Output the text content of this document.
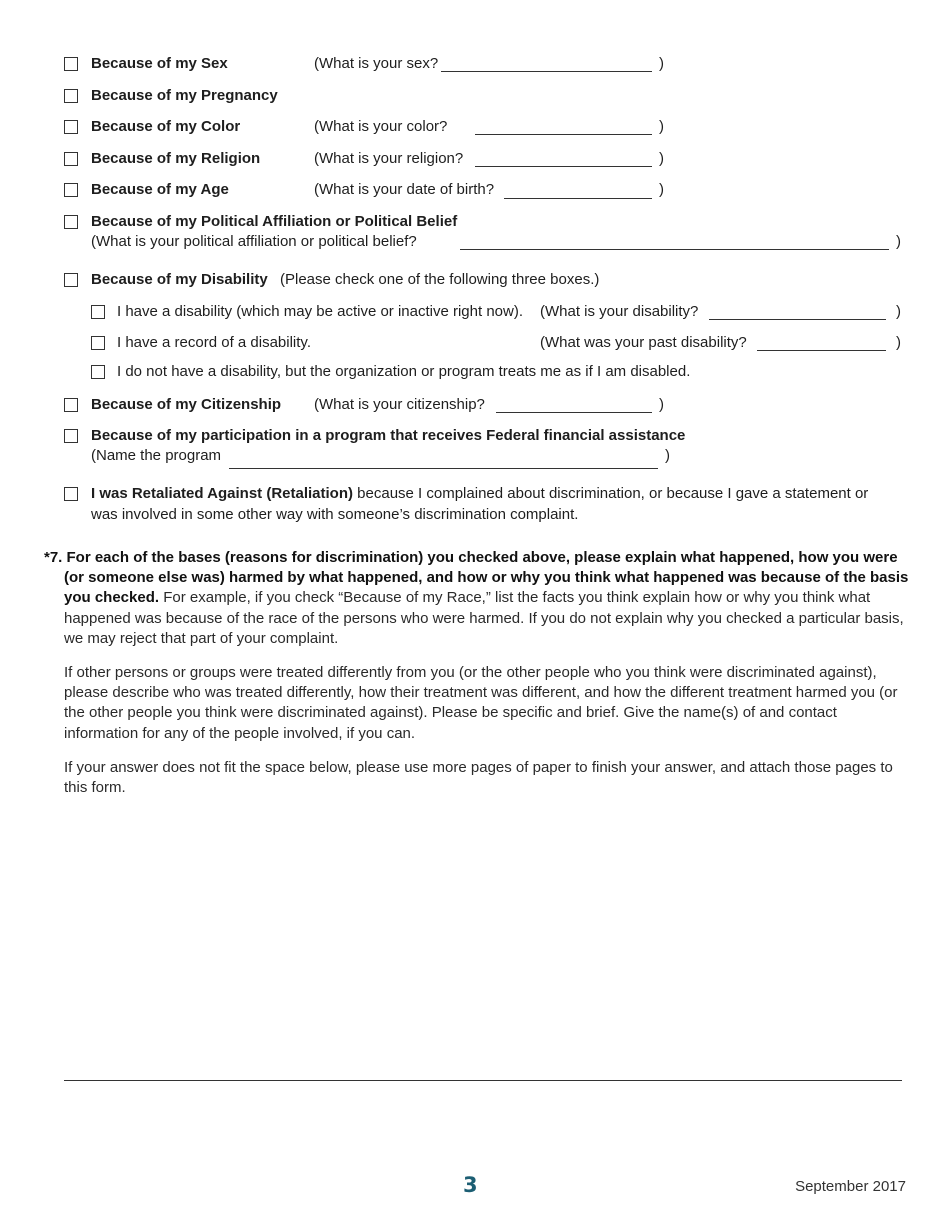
Because of my Sex	(What is your sex?	)
Because of my Pregnancy
Because of my Color	(What is your color?	)
Because of my Religion	(What is your religion?	)
Because of my Age	(What is your date of birth?	)
Because of my Political Affiliation or Political Belief
(What is your political affiliation or political belief?	)
Because of my Disability (Please check one of the following three boxes.)
I have a disability (which may be active or inactive right now). (What is your disability?	)
I have a record of a disability.	(What was your past disability?	)
I do not have a disability, but the organization or program treats me as if I am disabled.
Because of my Citizenship (What is your citizenship?	)
Because of my participation in a program that receives Federal financial assistance
(Name the program	)
I was Retaliated Against (Retaliation) because I complained about discrimination, or because I gave a statement or
was involved in some other way with someone’s discrimination complaint.
*7. For each of the bases (reasons for discrimination) you checked above, please explain what happened, how you were (or someone else was) harmed by what happened, and how or why you think what happened was because of the basis you checked. For example, if you check “Because of my Race,” list the facts you think explain how or why you think what happened was because of the race of the persons who were harmed. If you do not explain why you checked a particular basis, we may reject that part of your complaint.
If other persons or groups were treated differently from you (or the other people who you think were discriminated against), please describe who was treated differently, how their treatment was different, and how the different treatment harmed you (or the other people you think were discriminated against). Please be specific and brief. Give the name(s) of and contact information for any of the people involved, if you can.
If your answer does not fit the space below, please use more pages of paper to finish your answer, and attach those pages to this form.
3	September 2017
